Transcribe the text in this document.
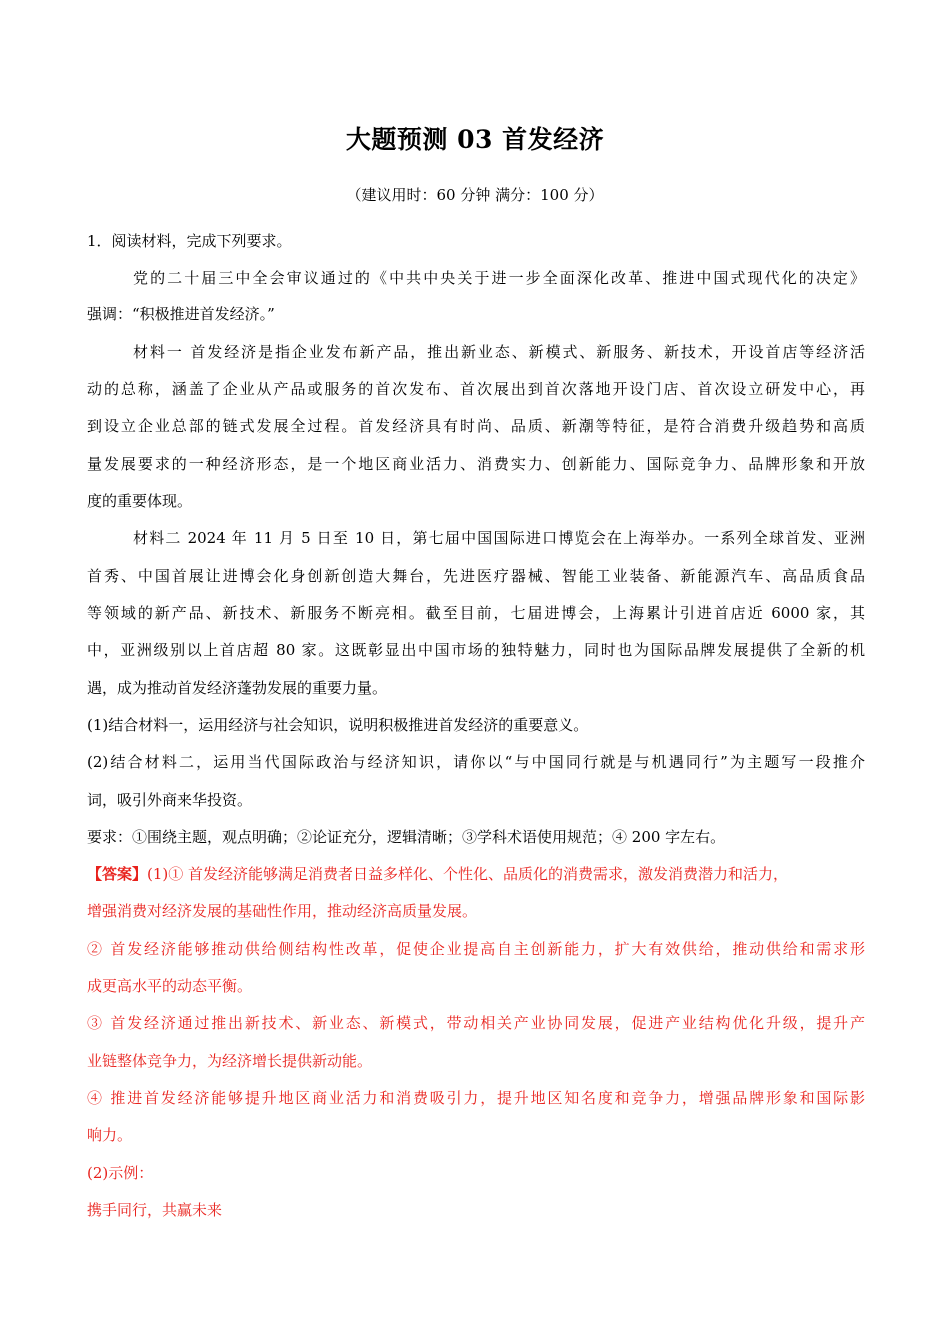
大题预测 03 首发经济
（建议用时：60 分钟 满分：100 分）
1．阅读材料，完成下列要求。
党的二十届三中全会审议通过的《中共中央关于进一步全面深化改革、推进中国式现代化的决定》
强调：“积极推进首发经济。”
材料一 首发经济是指企业发布新产品，推出新业态、新模式、新服务、新技术，开设首店等经济活
动的总称，涵盖了企业从产品或服务的首次发布、首次展出到首次落地开设门店、首次设立研发中心，再
到设立企业总部的链式发展全过程。首发经济具有时尚、品质、新潮等特征，是符合消费升级趋势和高质
量发展要求的一种经济形态，是一个地区商业活力、消费实力、创新能力、国际竞争力、品牌形象和开放
度的重要体现。
材料二 2024 年 11 月 5 日至 10 日，第七届中国国际进口博览会在上海举办。一系列全球首发、亚洲
首秀、中国首展让进博会化身创新创造大舞台，先进医疗器械、智能工业装备、新能源汽车、高品质食品
等领域的新产品、新技术、新服务不断亮相。截至目前，七届进博会，上海累计引进首店近 6000 家，其
中，亚洲级别以上首店超 80 家。这既彰显出中国市场的独特魅力，同时也为国际品牌发展提供了全新的机
遇，成为推动首发经济蓬勃发展的重要力量。
(1)结合材料一，运用经济与社会知识，说明积极推进首发经济的重要意义。
(2)结合材料二，运用当代国际政治与经济知识，请你以“与中国同行就是与机遇同行”为主题写一段推介
词，吸引外商来华投资。
要求：①围绕主题，观点明确；②论证充分，逻辑清晰；③学科术语使用规范；④ 200 字左右。
【答案】(1)① 首发经济能够满足消费者日益多样化、个性化、品质化的消费需求，激发消费潜力和活力，
增强消费对经济发展的基础性作用，推动经济高质量发展。
② 首发经济能够推动供给侧结构性改革，促使企业提高自主创新能力，扩大有效供给，推动供给和需求形
成更高水平的动态平衡。
③ 首发经济通过推出新技术、新业态、新模式，带动相关产业协同发展，促进产业结构优化升级，提升产
业链整体竞争力，为经济增长提供新动能。
④ 推进首发经济能够提升地区商业活力和消费吸引力，提升地区知名度和竞争力，增强品牌形象和国际影
响力。
(2)示例：
携手同行，共赢未来
